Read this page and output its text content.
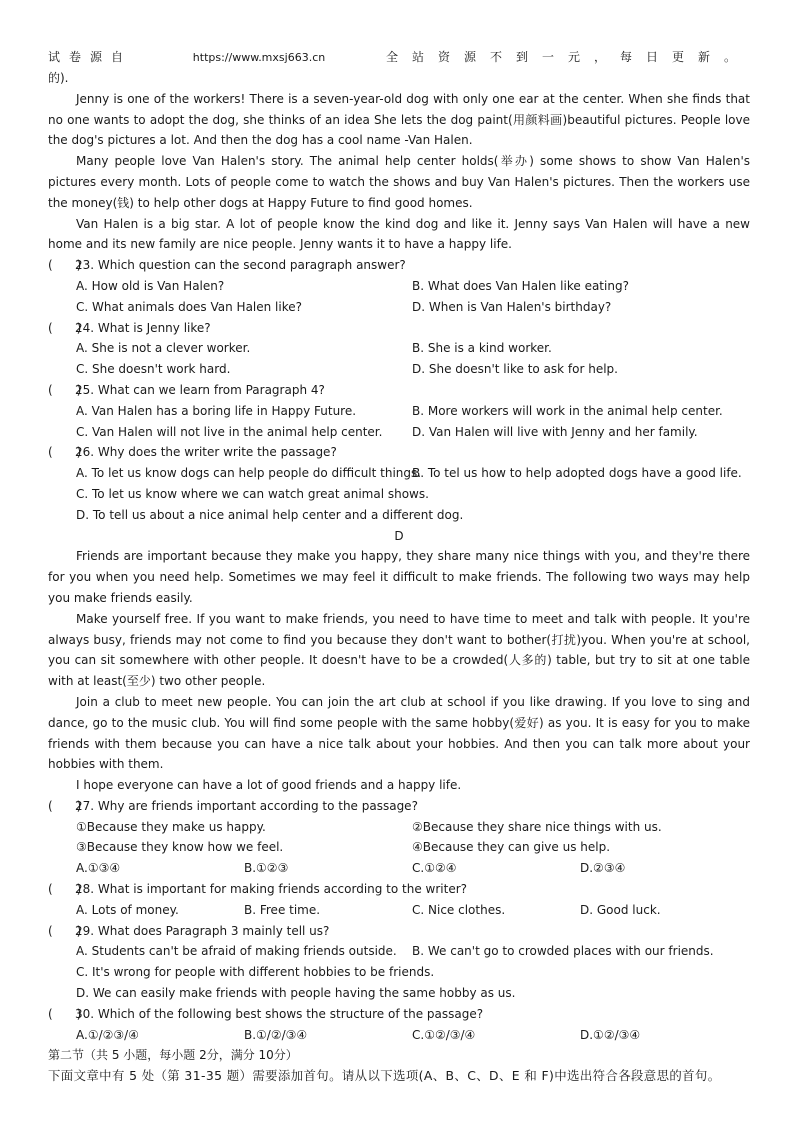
试卷源自	https://www.mxsj663.cn	全站资源不到一元，每日更新。
的).

Jenny is one of the workers! There is a seven-year-old dog with only one ear at the center. When she finds that no one wants to adopt the dog, she thinks of an idea She lets the dog paint(用颜料画)beautiful pictures. People love the dog's pictures a lot. And then the dog has a cool name -Van Halen.

Many people love Van Halen's story. The animal help center holds(举办) some shows to show Van Halen's pictures every month. Lots of people come to watch the shows and buy Van Halen's pictures. Then the workers use the money(钱) to help other dogs at Happy Future to find good homes.

Van Halen is a big star. A lot of people know the kind dog and like it. Jenny says Van Halen will have a new home and its new family are nice people. Jenny wants it to have a happy life.

(　　)
23. Which question can the second paragraph answer?
A. How old is Van Halen?	B. What does Van Halen like eating?
C. What animals does Van Halen like?	D. When is Van Halen's birthday?
(　　)
24. What is Jenny like?
A. She is not a clever worker.	B. She is a kind worker.
C. She doesn't work hard.	D. She doesn't like to ask for help.
(　　)
25. What can we learn from Paragraph 4?
A. Van Halen has a boring life in Happy Future.	B. More workers will work in the animal help center.
C. Van Halen will not live in the animal help center.	D. Van Halen will live with Jenny and her family.
(　　)
26. Why does the writer write the passage?
A. To let us know dogs can help people do difficult things.
B. To tel us how to help adopted dogs have a good life.
C. To let us know where we can watch great animal shows.
D. To tell us about a nice animal help center and a different dog.
D

Friends are important because they make you happy, they share many nice things with you, and they're there for you when you need help. Sometimes we may feel it difficult to make friends. The following two ways may help you make friends easily.

Make yourself free. If you want to make friends, you need to have time to meet and talk with people. It you're always busy, friends may not come to find you because they don't want to bother(打扰)you. When you're at school, you can sit somewhere with other people. It doesn't have to be a crowded(人多的) table, but try to sit at one table with at least(至少) two other people.

Join a club to meet new people. You can join the art club at school if you like drawing. If you love to sing and dance, go to the music club. You will find some people with the same hobby(爱好) as you. It is easy for you to make friends with them because you can have a nice talk about your hobbies. And then you can talk more about your hobbies with them.

I hope everyone can have a lot of good friends and a happy life.

(　　)
27. Why are friends important according to the passage?
①Because they make us happy.	②Because they share nice things with us.
③Because they know how we feel.	④Because they can give us help.
A.①③④	B.①②③	C.①②④	D.②③④
(　　)
28. What is important for making friends according to the writer?
A. Lots of money.	B. Free time.	C. Nice clothes.	D. Good luck.
(　　)
29. What does Paragraph 3 mainly tell us?
A. Students can't be afraid of making friends outside.	B. We can't go to crowded places with our friends.
C. It's wrong for people with different hobbies to be friends.
D. We can easily make friends with people having the same hobby as us.
(　　)
30. Which of the following best shows the structure of the passage?
A.①/②③/④	B.①/②/③④	C.①②/③/④	D.①②/③④
第二节（共 5 小题，每小题 2分，满分 10分）
下面文章中有 5 处（第 31-35 题）需要添加首句。请从以下选项(A、B、C、D、E 和 F)中选出符合各段意思的首句。
